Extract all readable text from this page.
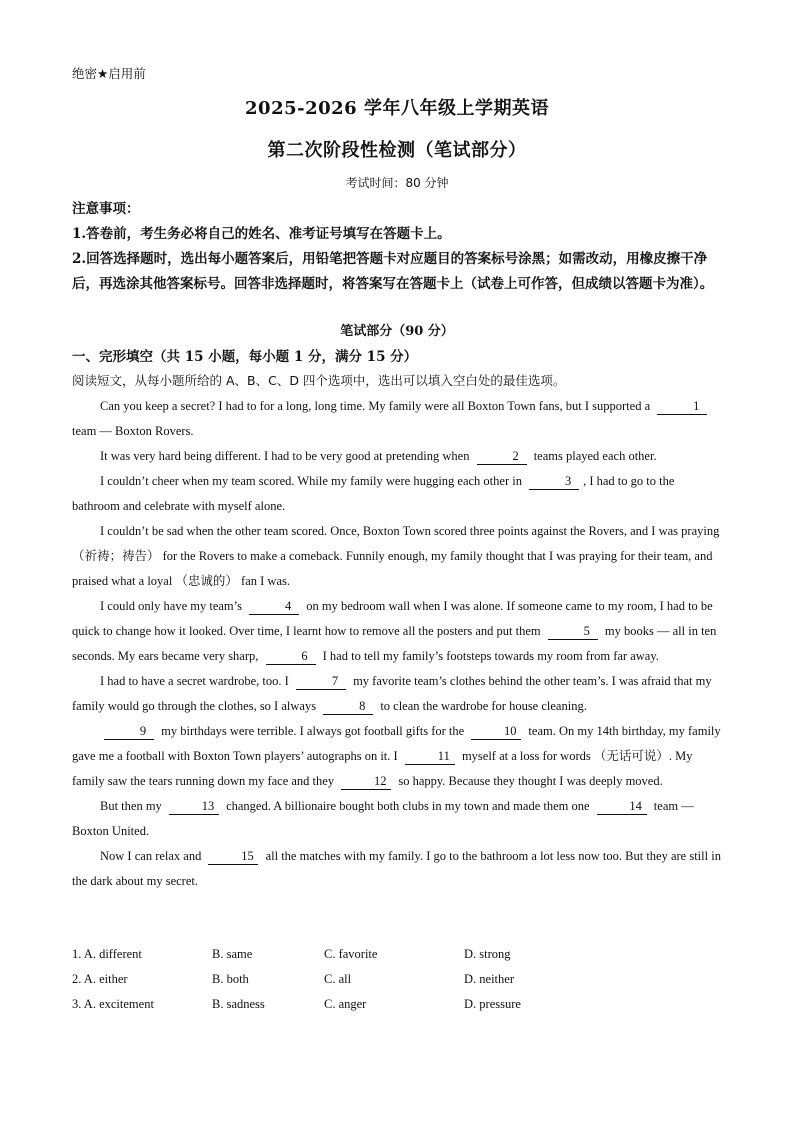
绝密★启用前
2025-2026 学年八年级上学期英语
第二次阶段性检测（笔试部分）
考试时间：80 分钟

注意事项：

1.答卷前，考生务必将自己的姓名、准考证号填写在答题卡上。

2.回答选择题时，选出每小题答案后，用铅笔把答题卡对应题目的答案标号涂黑；如需改动，用橡皮擦干净后，再选涂其他答案标号。回答非选择题时，将答案写在答题卡上（试卷上可作答，但成绩以答题卡为准）。

笔试部分（90 分）
一、完形填空（共 15 小题，每小题 1 分，满分 15 分）
阅读短文，从每小题所给的 A、B、C、D 四个选项中，选出可以填入空白处的最佳选项。

Can you keep a secret? I had to for a long, long time. My family were all Boxton Town fans, but I supported a	1 team — Boxton Rovers.

It was very hard being different. I had to be very good at pretending when	2 teams played each other.

I couldn’t cheer when my team scored. While my family were hugging each other in	3 , I had to go to the bathroom and celebrate with myself alone.

I couldn’t be sad when the other team scored. Once, Boxton Town scored three points against the Rovers, and I was praying （祈祷；祷告） for the Rovers to make a comeback. Funnily enough, my family thought that I was praying for their team, and praised what a loyal （忠诚的） fan I was.

I could only have my team’s	4 on my bedroom wall when I was alone. If someone came to my room, I had to be quick to change how it looked. Over time, I learnt how to remove all the posters and put them	5 my books — all in ten seconds. My ears became very sharp,	6 I had to tell my family’s footsteps towards my room from far away.

I had to have a secret wardrobe, too. I	7 my favorite team’s clothes behind the other team’s. I was afraid that my family would go through the clothes, so I always	8 to clean the wardrobe for house cleaning.

9 my birthdays were terrible. I always got football gifts for the	10 team. On my 14th birthday, my family gave me a football with Boxton Town players’ autographs on it. I	11 myself at a loss for words （无话可说）. My family saw the tears running down my face and they	12 so happy. Because they thought I was deeply moved.

But then my	13 changed. A billionaire bought both clubs in my town and made them one	14 team — Boxton United.

Now I can relax and	15 all the matches with my family. I go to the bathroom a lot less now too. But they are still in the dark about my secret.

1. A. different	B. same	C. favorite	D. strong
2. A. either	B. both	C. all	D. neither
3. A. excitement	B. sadness	C. anger	D. pressure
